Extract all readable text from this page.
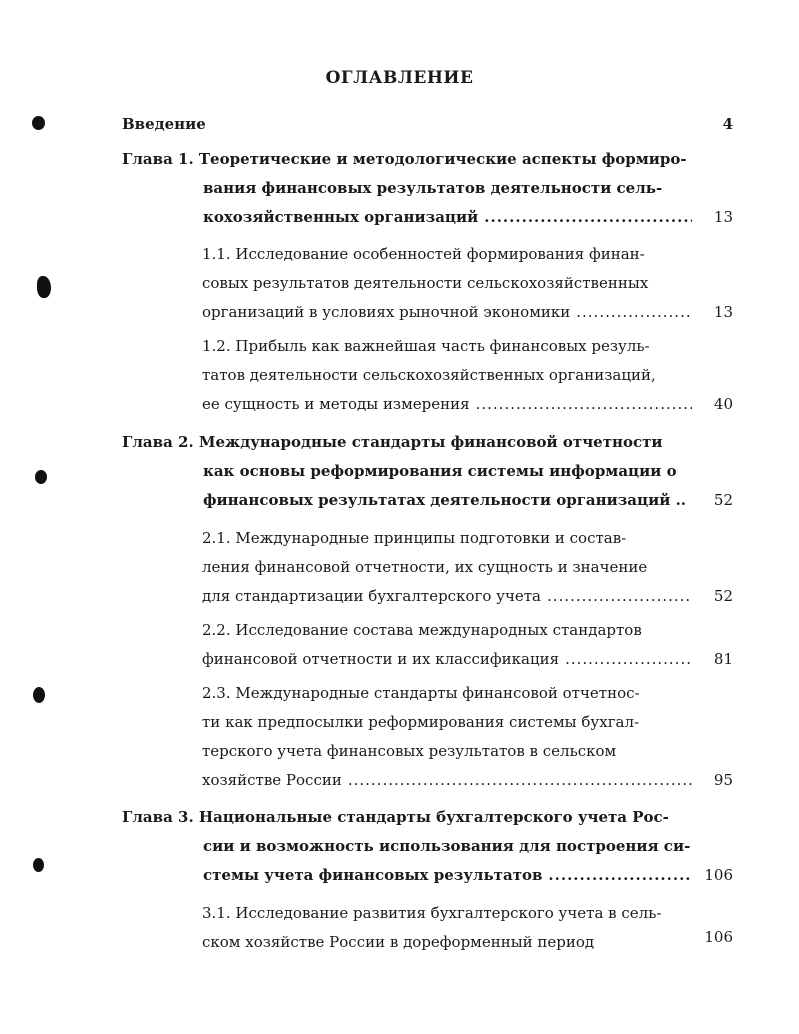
ОГЛАВЛЕНИЕ
Введение	4
Глава 1. Теоретические и методологические аспекты формиро-
вания финансовых результатов деятельности сель-
кохозяйственных организаций .....	13
1.1. Исследование особенностей формирования финан-
совых результатов деятельности сельскохозяйственных
организаций в условиях рыночной экономики .....	13
1.2. Прибыль как важнейшая часть финансовых резуль-
татов деятельности сельскохозяйственных организаций,
ее сущность и методы измерения .....	40
Глава 2. Международные стандарты финансовой отчетности
как основы реформирования системы информации о
финансовых результатах деятельности организаций ..	52
2.1. Международные принципы подготовки и состав-
ления финансовой отчетности, их сущность и значение
для стандартизации бухгалтерского учета .....	52
2.2. Исследование состава международных стандартов
финансовой отчетности и их классификация .....	81
2.3. Международные стандарты финансовой отчетнос-
ти как предпосылки реформирования системы бухгал-
терского учета финансовых результатов в сельском
хозяйстве России .....	95
Глава 3. Национальные стандарты бухгалтерского учета Рос-
сии и возможность использования для построения си-
стемы учета финансовых результатов .....	106
3.1. Исследование развития бухгалтерского учета в сель-
ском хозяйстве России в дореформенный период	106
